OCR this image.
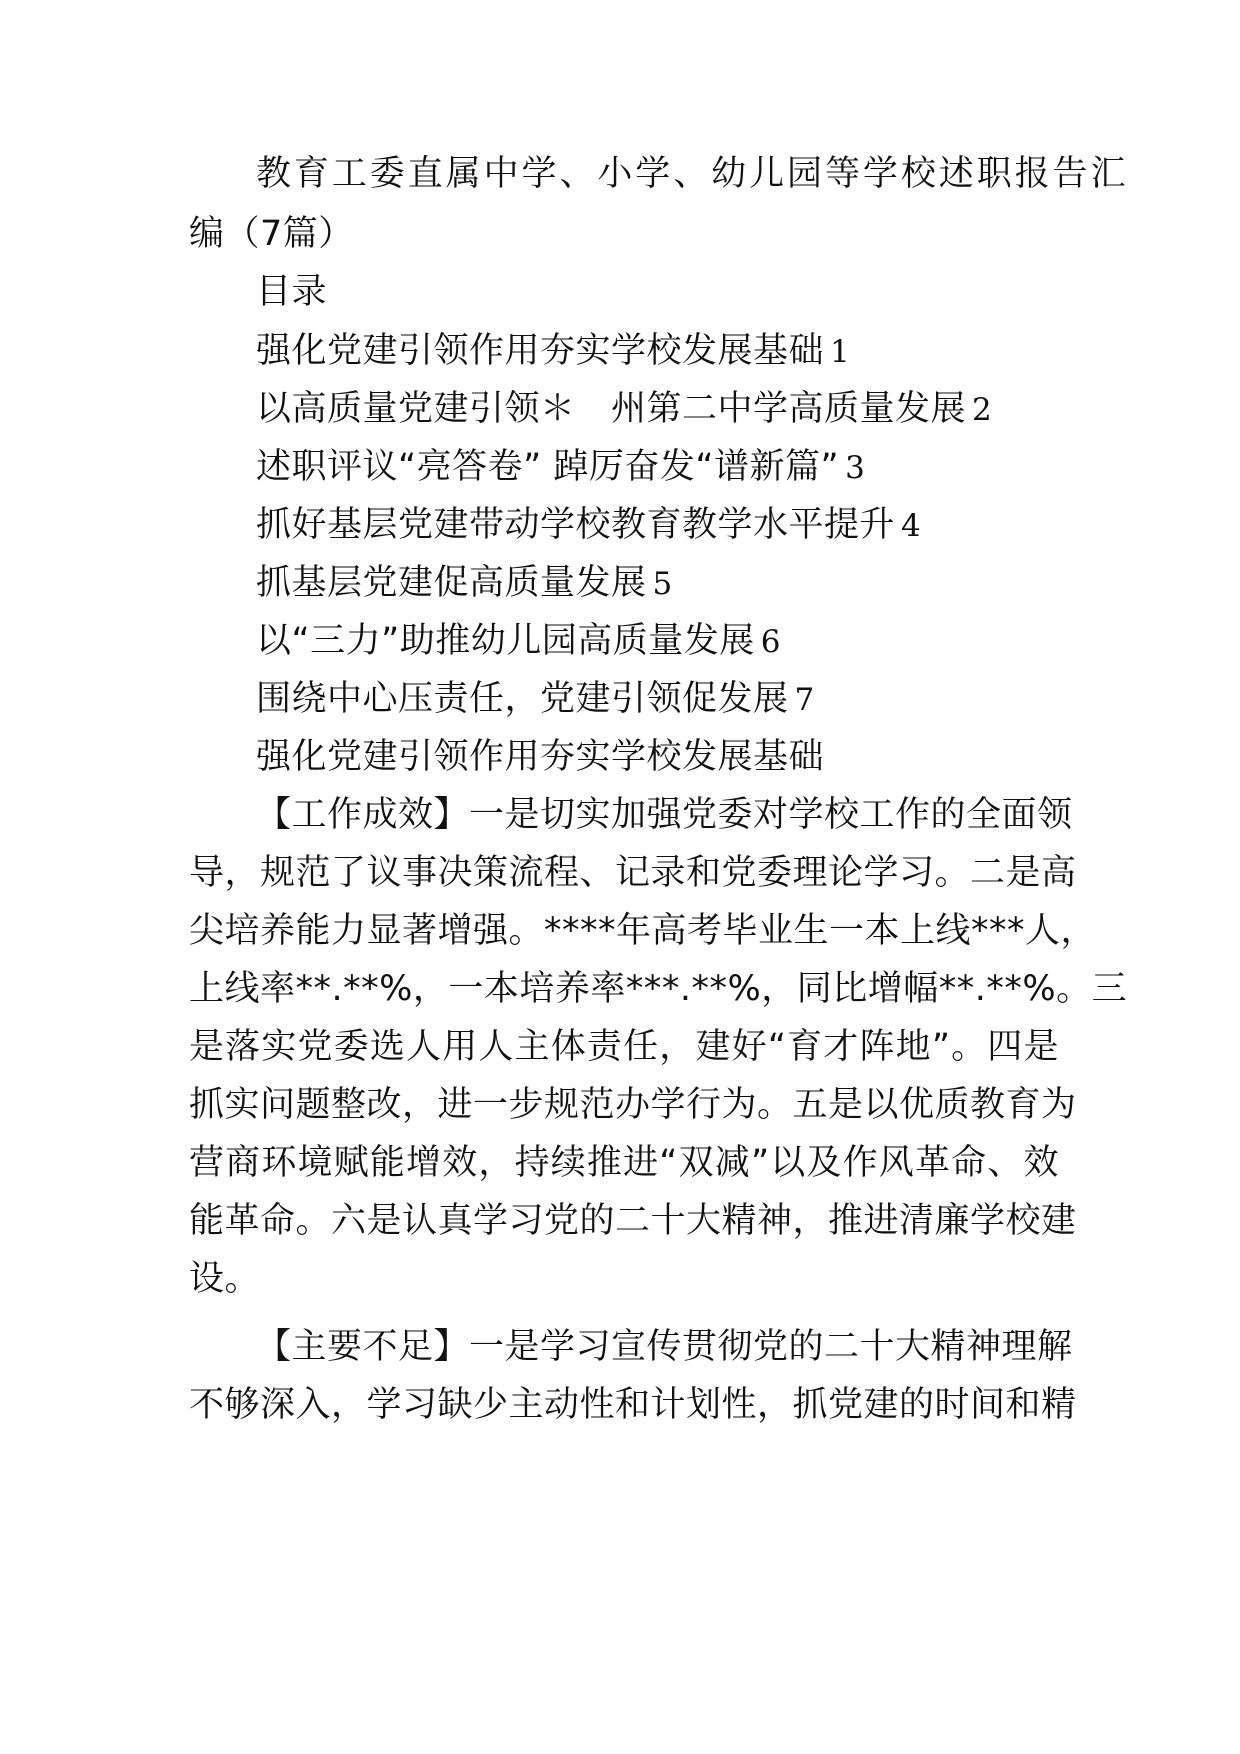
教育工委直属中学、小学、幼儿园等学校述职报告汇
编（7篇）
目录
强化党建引领作用夯实学校发展基础 1
以高质量党建引领＊　州第二中学高质量发展 2
述职评议“亮答卷” 踔厉奋发“谱新篇” 3
抓好基层党建带动学校教育教学水平提升 4
抓基层党建促高质量发展 5
以“三力”助推幼儿园高质量发展 6
围绕中心压责任，党建引领促发展 7
强化党建引领作用夯实学校发展基础
【工作成效】一是切实加强党委对学校工作的全面领
导，规范了议事决策流程、记录和党委理论学习。二是高
尖培养能力显著增强。****年高考毕业生一本上线***人，
上线率**.**%，一本培养率***.**%，同比增幅**.**%。三
是落实党委选人用人主体责任，建好“育才阵地”。四是
抓实问题整改，进一步规范办学行为。五是以优质教育为
营商环境赋能增效，持续推进“双减”以及作风革命、效
能革命。六是认真学习党的二十大精神，推进清廉学校建
设。
【主要不足】一是学习宣传贯彻党的二十大精神理解
不够深入，学习缺少主动性和计划性，抓党建的时间和精
